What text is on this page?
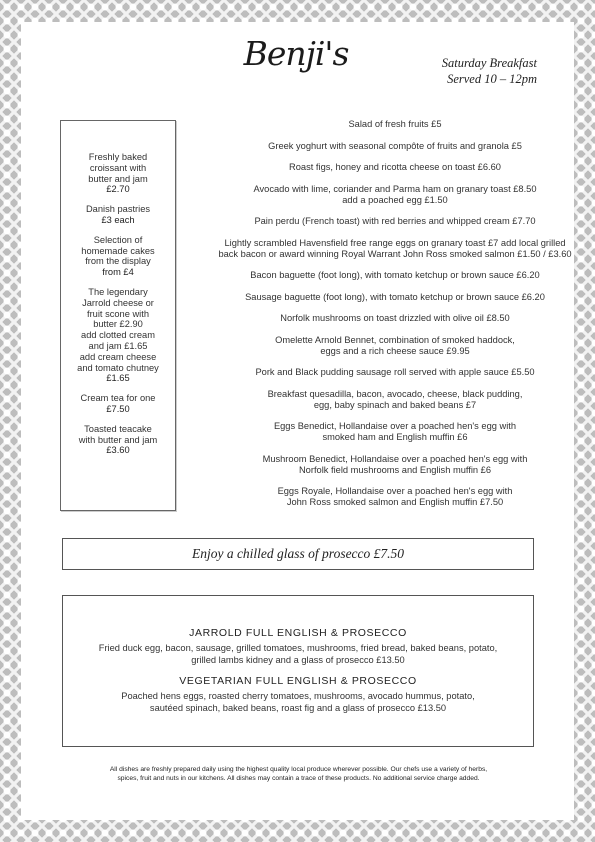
Benji's	Saturday Breakfast
Served 10 – 12pm
Freshly baked
croissant with
butter and jam
£2.70
Danish pastries
£3 each
Selection of
homemade cakes
from the display
from £4
The legendary
Jarrold cheese or
fruit scone with
butter £2.90
add clotted cream
and jam £1.65
add cream cheese
and tomato chutney
£1.65
Cream tea for one
£7.50
Toasted teacake
with butter and jam
£3.60
Salad of fresh fruits £5
Greek yoghurt with seasonal compôte of fruits and granola £5
Roast figs, honey and ricotta cheese on toast £6.60
Avocado with lime, coriander and Parma ham on granary toast £8.50
add a poached egg £1.50
Pain perdu (French toast) with red berries and whipped cream £7.70
Lightly scrambled Havensfield free range eggs on granary toast £7 add local grilled
back bacon or award winning Royal Warrant John Ross smoked salmon £1.50 / £3.60
Bacon baguette (foot long), with tomato ketchup or brown sauce £6.20
Sausage baguette (foot long), with tomato ketchup or brown sauce £6.20
Norfolk mushrooms on toast drizzled with olive oil £8.50
Omelette Arnold Bennet, combination of smoked haddock,
eggs and a rich cheese sauce £9.95
Pork and Black pudding sausage roll served with apple sauce £5.50
Breakfast quesadilla, bacon, avocado, cheese, black pudding,
egg, baby spinach and baked beans £7
Eggs Benedict, Hollandaise over a poached hen's egg with
smoked ham and English muffin £6
Mushroom Benedict, Hollandaise over a poached hen's egg with
Norfolk field mushrooms and English muffin £6
Eggs Royale, Hollandaise over a poached hen's egg with
John Ross smoked salmon and English muffin £7.50
Enjoy a chilled glass of prosecco £7.50
JARROLD FULL ENGLISH & PROSECCO
Fried duck egg, bacon, sausage, grilled tomatoes, mushrooms, fried bread, baked beans, potato,
grilled lambs kidney and a glass of prosecco £13.50
VEGETARIAN FULL ENGLISH & PROSECCO
Poached hens eggs, roasted cherry tomatoes, mushrooms, avocado hummus, potato,
sautéed spinach, baked beans, roast fig and a glass of prosecco £13.50
All dishes are freshly prepared daily using the highest quality local produce wherever possible. Our chefs use a variety of herbs,
spices, fruit and nuts in our kitchens. All dishes may contain a trace of these products. No additional service charge added.
